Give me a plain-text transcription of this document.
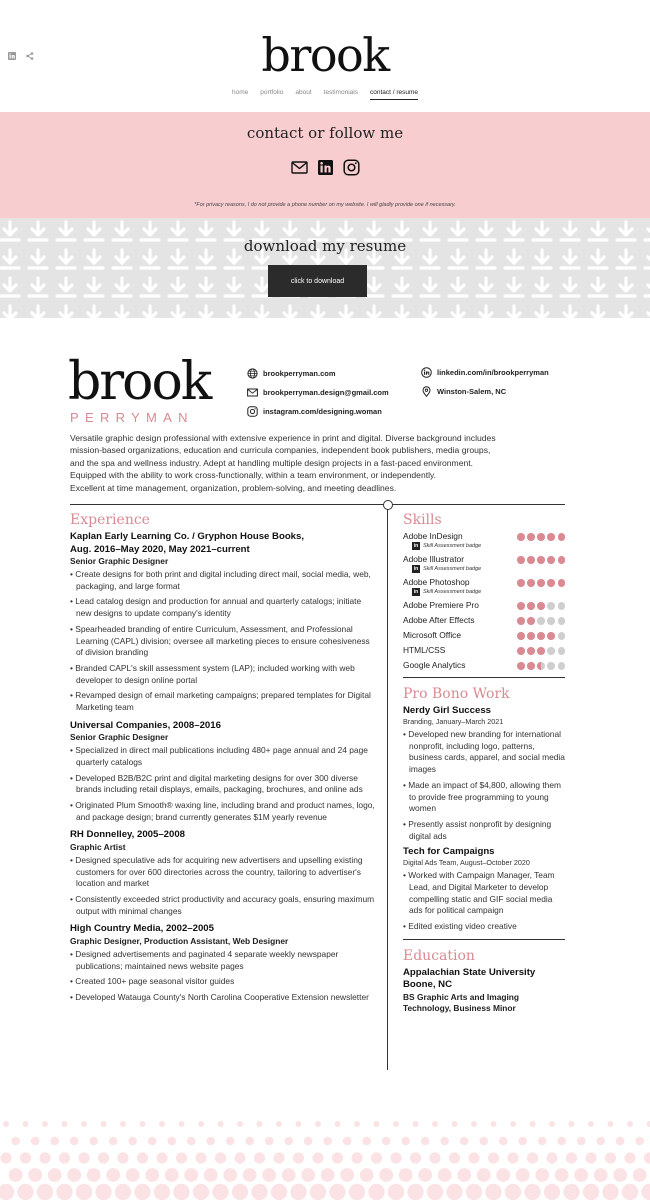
brook
home portfolio about testimonials contact / resume
contact or follow me
*For privacy reasons, I do not provide a phone number on my website. I will gladly provide one if necessary.
download my resume
click to download
brook
PERRYMAN
brookperryman.com
brookperryman.design@gmail.com
instagram.com/designing.woman
linkedin.com/in/brookperryman
Winston-Salem, NC
Versatile graphic design professional with extensive experience in print and digital. Diverse background includes
mission-based organizations, education and curricula companies, independent book publishers, media groups,
and the spa and wellness industry. Adept at handling multiple design projects in a fast-paced environment.
Equipped with the ability to work cross-functionally, within a team environment, or independently.
Excellent at time management, organization, problem-solving, and meeting deadlines.
Experience
Kaplan Early Learning Co. / Gryphon House Books,
Aug. 2016–May 2020, May 2021–current
Senior Graphic Designer
• Create designs for both print and digital including direct mail, social media, web, packaging, and large format
• Lead catalog design and production for annual and quarterly catalogs; initiate new designs to update company's identity
• Spearheaded branding of entire Curriculum, Assessment, and Professional Learning (CAPL) division; oversee all marketing pieces to ensure cohesiveness of division branding
• Branded CAPL's skill assessment system (LAP); included working with web developer to design online portal
• Revamped design of email marketing campaigns; prepared templates for Digital Marketing team
Universal Companies, 2008–2016
Senior Graphic Designer
• Specialized in direct mail publications including 480+ page annual and 24 page quarterly catalogs
• Developed B2B/B2C print and digital marketing designs for over 300 diverse brands including retail displays, emails, packaging, brochures, and online ads
• Originated Plum Smooth® waxing line, including brand and product names, logo, and package design; brand currently generates $1M yearly revenue
RH Donnelley, 2005–2008
Graphic Artist
• Designed speculative ads for acquiring new advertisers and upselling existing customers for over 600 directories across the country, tailoring to advertiser's location and market
• Consistently exceeded strict productivity and accuracy goals, ensuring maximum output with minimal changes
High Country Media, 2002–2005
Graphic Designer, Production Assistant, Web Designer
• Designed advertisements and paginated 4 separate weekly newspaper publications; maintained news website pages
• Created 100+ page seasonal visitor guides
• Developed Watauga County's North Carolina Cooperative Extension newsletter
Skills
Adobe InDesign
in Skill Assessment badge
Adobe Illustrator
in Skill Assessment badge
Adobe Photoshop
in Skill Assessment badge
Adobe Premiere Pro
Adobe After Effects
Microsoft Office
HTML/CSS
Google Analytics
Pro Bono Work
Nerdy Girl Success
Branding, January–March 2021
• Developed new branding for international nonprofit, including logo, patterns, business cards, apparel, and social media images
• Made an impact of $4,800, allowing them to provide free programming to young women
• Presently assist nonprofit by designing digital ads
Tech for Campaigns
Digital Ads Team, August–October 2020
• Worked with Campaign Manager, Team Lead, and Digital Marketer to develop compelling static and GIF social media ads for political campaign
• Edited existing video creative
Education
Appalachian State University
Boone, NC
BS Graphic Arts and Imaging
Technology, Business Minor
